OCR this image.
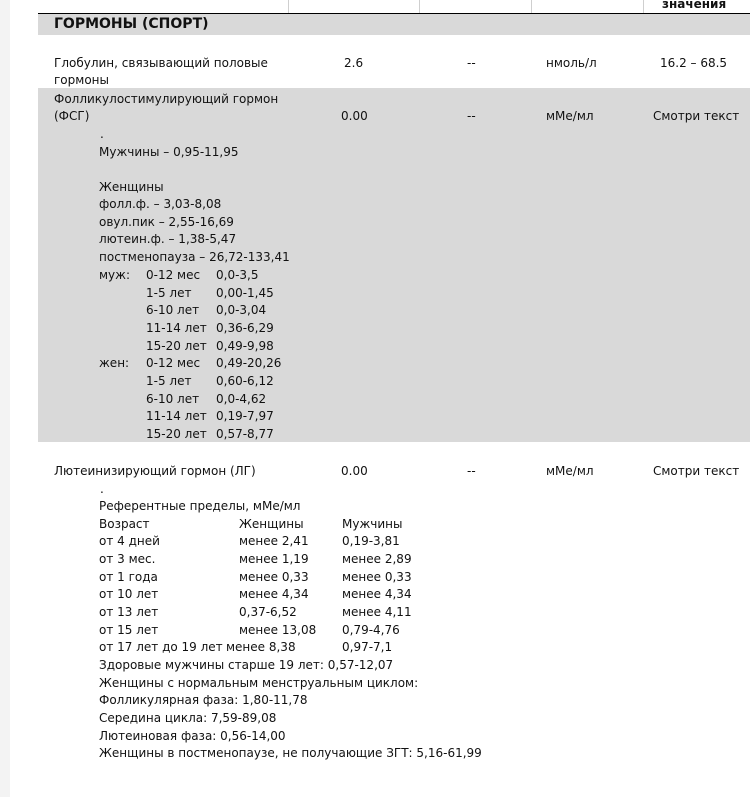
значения
ГОРМОНЫ (СПОРТ)
Глобулин, связывающий половые
гормоны
2.6	--	нмоль/л	16.2 – 68.5
Фолликулостимулирующий гормон
(ФСГ)	0.00	--	мМе/мл	Смотри текст
.
Мужчины – 0,95-11,95
Женщины
фолл.ф. – 3,03-8,08
овул.пик – 2,55-16,69
лютеин.ф. – 1,38-5,47
постменопауза – 26,72-133,41
муж: 0-12 мес 0,0-3,5
1-5 лет 0,00-1,45
6-10 лет 0,0-3,04
11-14 лет 0,36-6,29
15-20 лет 0,49-9,98
жен: 0-12 мес 0,49-20,26
1-5 лет 0,60-6,12
6-10 лет 0,0-4,62
11-14 лет 0,19-7,97
15-20 лет 0,57-8,77
Лютеинизирующий гормон (ЛГ)	0.00	--	мМе/мл	Смотри текст
.
Референтные пределы, мМе/мл
Возраст	Женщины	Мужчины
от 4 дней	менее 2,41	0,19-3,81
от 3 мес.	менее 1,19	менее 2,89
от 1 года	менее 0,33	менее 0,33
от 10 лет	менее 4,34	менее 4,34
от 13 лет	0,37-6,52	менее 4,11
от 15 лет	менее 13,08 0,79-4,76
от 17 лет до 19 лет менее 8,38	0,97-7,1
Здоровые мужчины старше 19 лет: 0,57-12,07
Женщины с нормальным менструальным циклом:
Фолликулярная фаза: 1,80-11,78
Середина цикла: 7,59-89,08
Лютеиновая фаза: 0,56-14,00
Женщины в постменопаузе, не получающие ЗГТ: 5,16-61,99
